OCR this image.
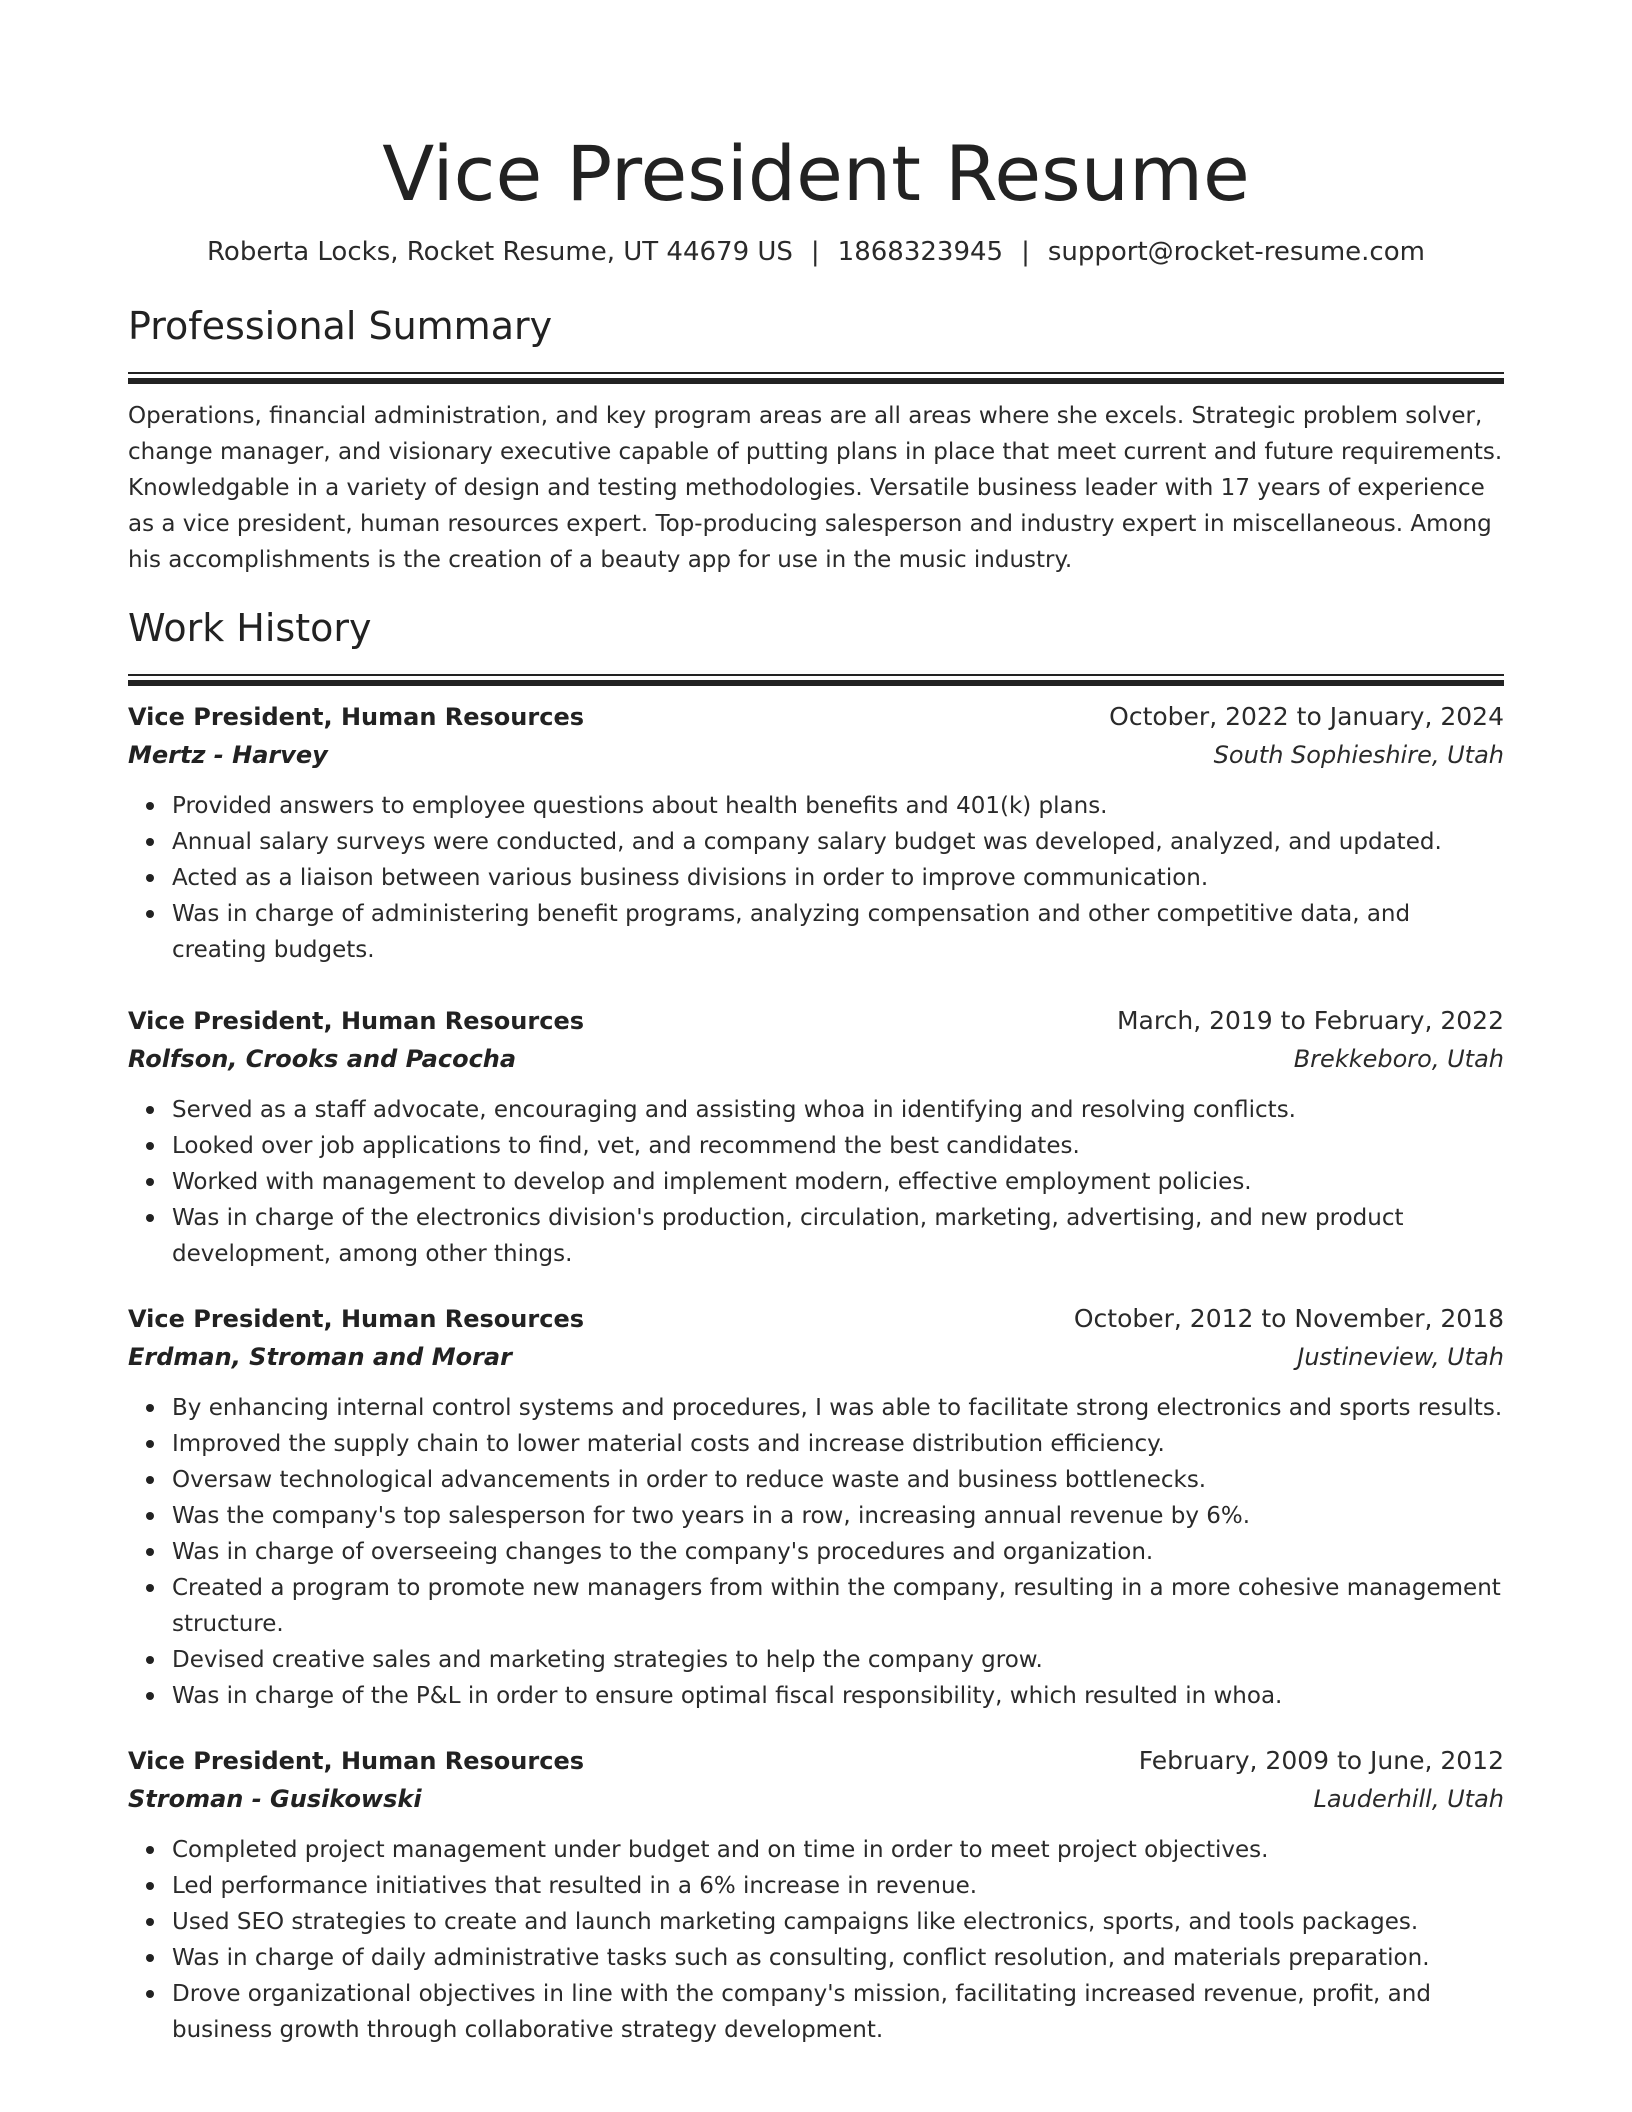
Vice President Resume
Roberta Locks, Rocket Resume, UT 44679 US | 1868323945 | support@rocket-resume.com
Professional Summary
Operations, financial administration, and key program areas are all areas where she excels. Strategic problem solver, change manager, and visionary executive capable of putting plans in place that meet current and future requirements. Knowledgable in a variety of design and testing methodologies. Versatile business leader with 17 years of experience as a vice president, human resources expert. Top-producing salesperson and industry expert in miscellaneous. Among his accomplishments is the creation of a beauty app for use in the music industry.
Work History
Vice President, Human Resources	October, 2022 to January, 2024
Mertz - Harvey	South Sophieshire, Utah
Provided answers to employee questions about health benefits and 401(k) plans.
Annual salary surveys were conducted, and a company salary budget was developed, analyzed, and updated.
Acted as a liaison between various business divisions in order to improve communication.
Was in charge of administering benefit programs, analyzing compensation and other competitive data, and creating budgets.
Vice President, Human Resources	March, 2019 to February, 2022
Rolfson, Crooks and Pacocha	Brekkeboro, Utah
Served as a staff advocate, encouraging and assisting whoa in identifying and resolving conflicts.
Looked over job applications to find, vet, and recommend the best candidates.
Worked with management to develop and implement modern, effective employment policies.
Was in charge of the electronics division's production, circulation, marketing, advertising, and new product development, among other things.
Vice President, Human Resources	October, 2012 to November, 2018
Erdman, Stroman and Morar	Justineview, Utah
By enhancing internal control systems and procedures, I was able to facilitate strong electronics and sports results.
Improved the supply chain to lower material costs and increase distribution efficiency.
Oversaw technological advancements in order to reduce waste and business bottlenecks.
Was the company's top salesperson for two years in a row, increasing annual revenue by 6%.
Was in charge of overseeing changes to the company's procedures and organization.
Created a program to promote new managers from within the company, resulting in a more cohesive management structure.
Devised creative sales and marketing strategies to help the company grow.
Was in charge of the P&L in order to ensure optimal fiscal responsibility, which resulted in whoa.
Vice President, Human Resources	February, 2009 to June, 2012
Stroman - Gusikowski	Lauderhill, Utah
Completed project management under budget and on time in order to meet project objectives.
Led performance initiatives that resulted in a 6% increase in revenue.
Used SEO strategies to create and launch marketing campaigns like electronics, sports, and tools packages.
Was in charge of daily administrative tasks such as consulting, conflict resolution, and materials preparation.
Drove organizational objectives in line with the company's mission, facilitating increased revenue, profit, and business growth through collaborative strategy development.
